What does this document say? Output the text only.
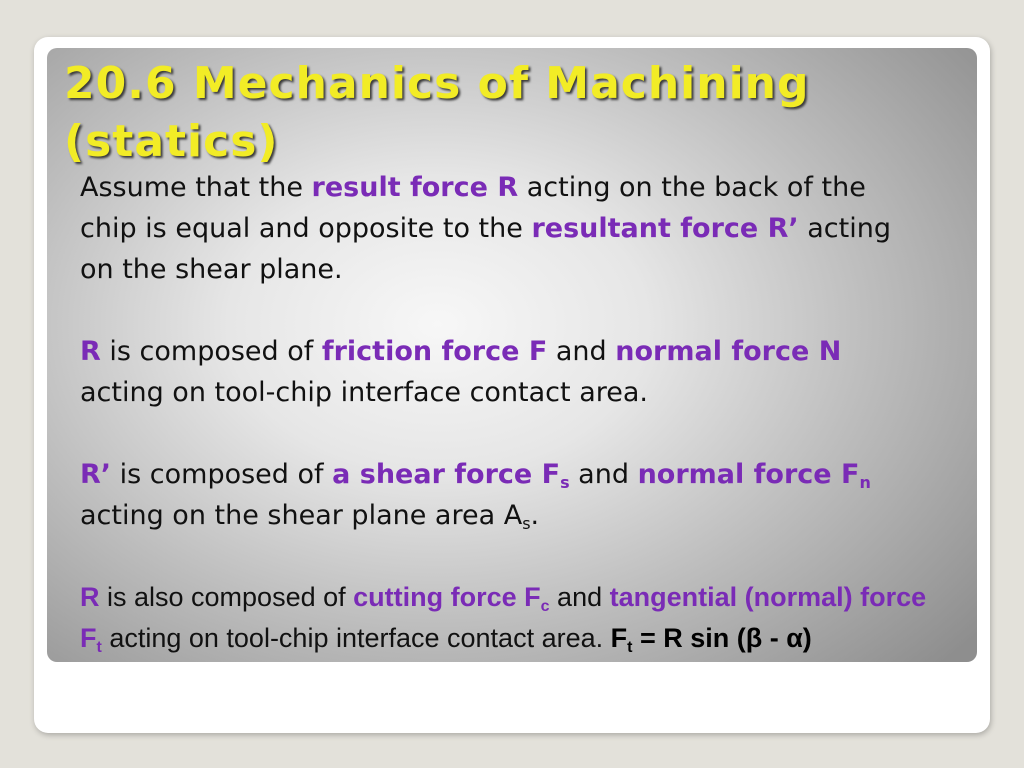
20.6 Mechanics of Machining
(statics)

Assume that the result force R acting on the back of the chip is equal and opposite to the resultant force R’ acting on the shear plane.

R is composed of friction force F and normal force N acting on tool-chip interface contact area.

R’ is composed of a shear force $F_s$ and normal force $F_n$ acting on the shear plane area $A_s$.

R is also composed of cutting force $F_c$ and tangential (normal) force $F_t$ acting on tool-chip interface contact area. $F_t = R$ sin (β - α)
